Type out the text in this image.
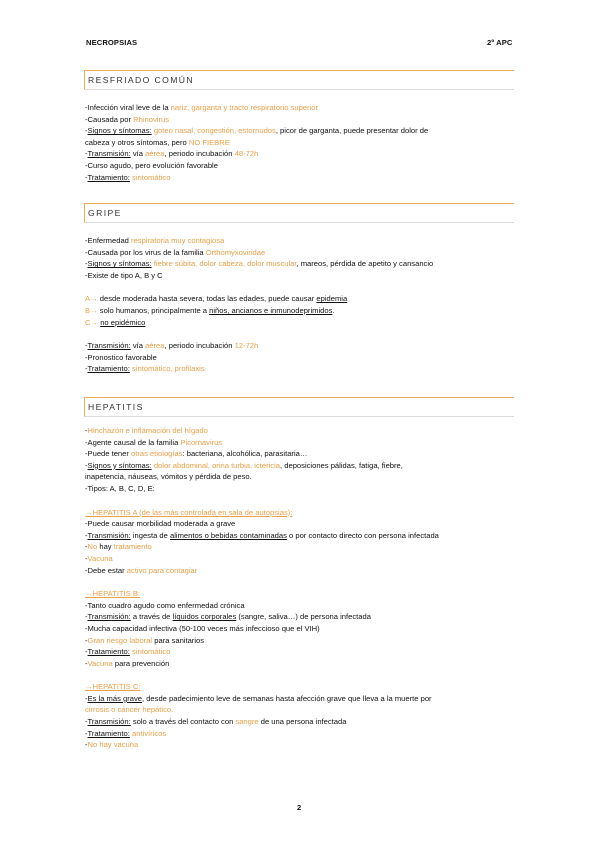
NECROPSIAS	2º APC
RESFRIADO COMÚN
-Infección viral leve de la nariz, garganta y tracto respiratorio superior
-Causada por Rhinovirus
-Signos y síntomas: goteo nasal, congestión, estornudos, picor de garganta, puede presentar dolor de
cabeza y otros síntomas, pero NO FIEBRE
-Transmisión: vía aérea, periodo incubación 48-72h
-Curso agudo, pero evolución favorable
-Tratamiento: sintomático
GRIPE
-Enfermedad respiratoria muy contagiosa
-Causada por los virus de la familia Orthomyxoviridae
-Signos y síntomas: fiebre súbita, dolor cabeza, dolor muscular, mareos, pérdida de apetito y cansancio
-Existe de tipo A, B y C
A→ desde moderada hasta severa, todas las edades, puede causar epidemia
B→ solo humanos, principalmente a niños, ancianos e inmunodeprimidos.
C→ no epidémico
-Transmisión: vía aérea, periodo incubación 12-72h
-Pronostico favorable
-Tratamiento: sintomático, profilaxis
HEPATITIS
-Hinchazón e inflamación del hígado
-Agente causal de la familia Picornavirus
-Puede tener otras etiologías: bacteriana, alcohólica, parasitaria…
-Signos y síntomas: dolor abdominal, orina turbia, ictericia, deposiciones pálidas, fatiga, fiebre,
inapetencia, náuseas, vómitos y pérdida de peso.
-Tipos: A, B, C, D, E:
→HEPATITIS A (de las más controlada en sala de autopsias):
-Puede causar morbilidad moderada a grave
-Transmisión: ingesta de alimentos o bebidas contaminadas o por contacto directo con persona infectada
-No hay tratamiento
-Vacuna
-Debe estar activo para contagiar
→HEPATITIS B:
-Tanto cuadro agudo como enfermedad crónica
-Transmisión: a través de líquidos corporales (sangre, saliva…) de persona infectada
-Mucha capacidad infectiva (50-100 veces más infeccioso que el VIH)
-Gran riesgo laboral para sanitarios
-Tratamiento: sintomático
-Vacuna para prevención
→HEPATITIS C:
-Es la más grave, desde padecimiento leve de semanas hasta afección grave que lleva a la muerte por
cirrosis o cáncer hepático.
-Transmisión: solo a través del contacto con sangre de una persona infectada
-Tratamiento: antivíricos
-No hay vacuna
2
